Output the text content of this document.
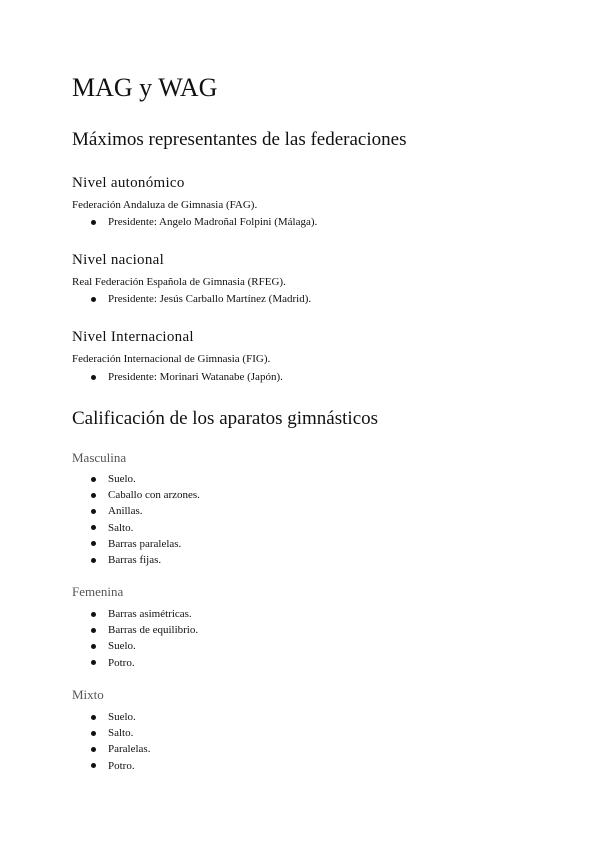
MAG y WAG
Máximos representantes de las federaciones
Nivel autonómico

Federación Andaluza de Gimnasia (FAG).

Presidente: Angelo Madroñal Folpini (Málaga).
Nivel nacional

Real Federación Española de Gimnasia (RFEG).

Presidente: Jesús Carballo Martínez (Madrid).
Nivel Internacional

Federación Internacional de Gimnasia (FIG).

Presidente: Morinari Watanabe (Japón).
Calificación de los aparatos gimnásticos
Masculina
Suelo.
Caballo con arzones.
Anillas.
Salto.
Barras paralelas.
Barras fijas.
Femenina
Barras asimétricas.
Barras de equilibrio.
Suelo.
Potro.
Mixto
Suelo.
Salto.
Paralelas.
Potro.
